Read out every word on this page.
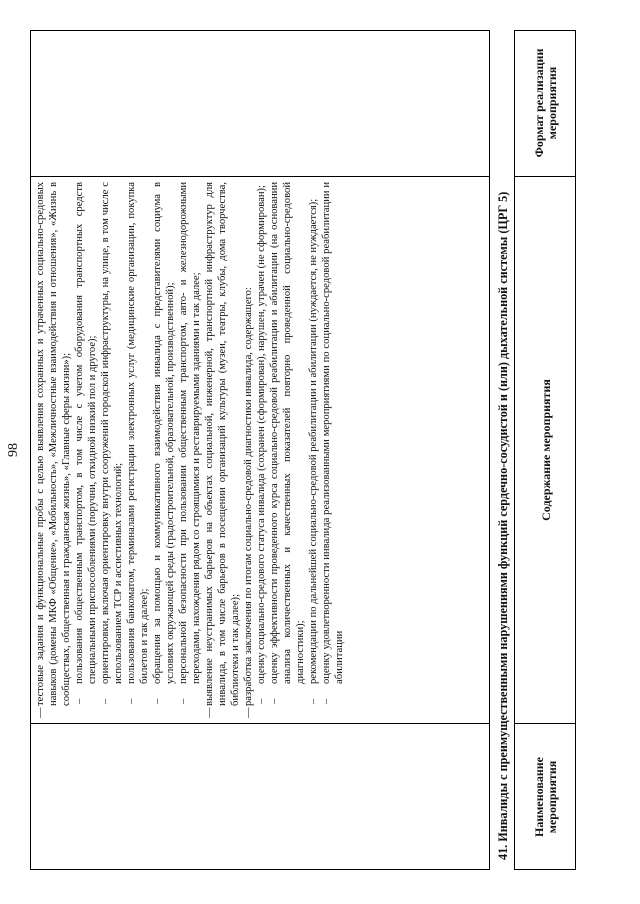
98
—
тестовые задания и функциональные пробы с целью выявления сохранных и утраченных социально-средовых навыков (домены МКФ «Общение», «Мобильность», «Межличностные взаимодействия и отношения», «Жизнь в сообществах, общественная и гражданская жизнь», «Главные сферы жизни»); –
пользования общественным транспортом, в том числе с учетом оборудования транспортных средств специальными приспособлениями (поручни, откидной низкий пол и другое);
–
ориентировки, включая ориентировку внутри сооружений городской инфраструктуры, на улице, в том числе с использованием ТСР и ассистивных технологий;
–
пользования банкоматом, терминалами регистрации электронных услуг (медицинские организации, покупка билетов и так далее);
–
обращения за помощью и коммуникативного взаимодействия инвалида с представителями социума в условиях окружающей среды (градостроительной, образовательной, производственной);
–
персональной безопасности при пользовании общественным транспортом, авто- и железнодорожными переходами, нахождения рядом со строящимися и реставрируемыми зданиями и так далее;
—
выявление неустранимых барьеров на объектах социальной, инженерной, транспортной инфраструктур для инвалида, в том числе барьеров в посещении организаций культуры (музеи, театры, клубы, дома творчества, библиотеки и так далее);
—
разработка заключения по итогам социально-средовой диагностики инвалида, содержащего: –
оценку социально-средового статуса инвалида (сохранен (сформирован), нарушен, утрачен (не сформирован);
–
оценку эффективности проведенного курса социально-средовой реабилитации и абилитации (на основании анализа количественных и качественных показателей повторно проведенной социально-средовой диагностики);
–
рекомендации по дальнейшей социально-средовой реабилитации и абилитации (нуждается, не нуждается);
–
оценку удовлетворенности инвалида реализованными мероприятиями по социально-средовой реабилитации и абилитации	41. Инвалиды с преимущественными нарушениями функций сердечно-сосудистой и (или) дыхательной системы (ЦРГ 5)	Наименование мероприятия
Содержание мероприятия
Формат реализации мероприятия
